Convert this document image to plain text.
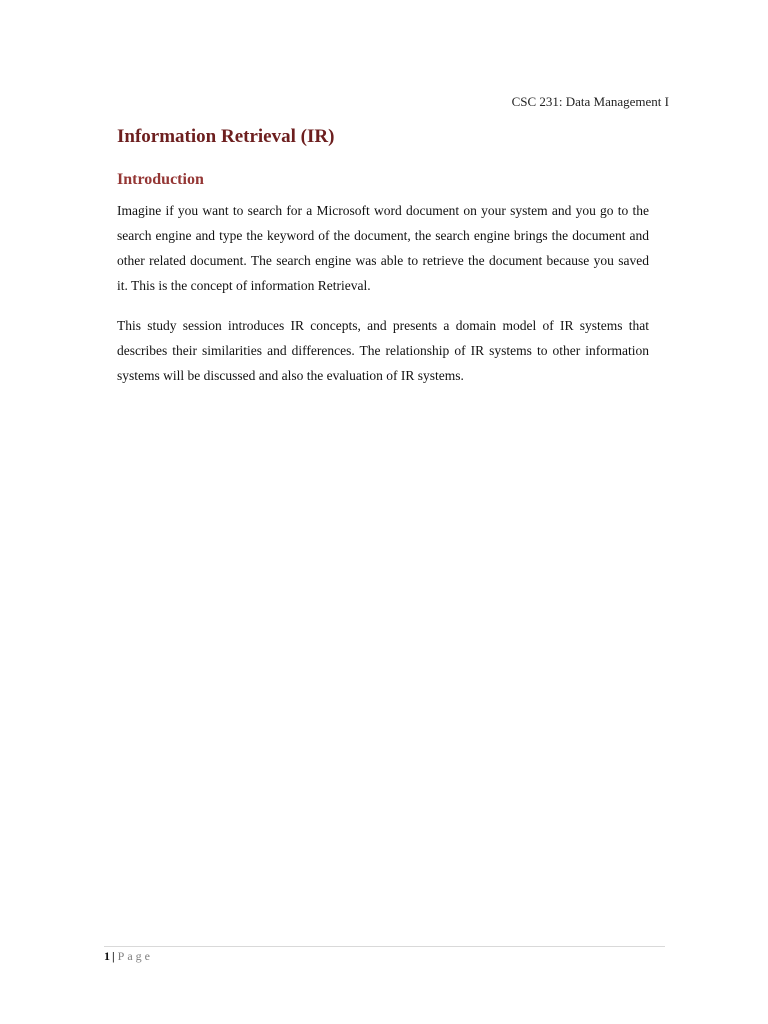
CSC 231: Data Management I
Information Retrieval (IR)
Introduction

Imagine if you want to search for a Microsoft word document on your system and you go to the search engine and type the keyword of the document, the search engine brings the document and other related document. The search engine was able to retrieve the document because you saved it. This is the concept of information Retrieval.

This study session introduces IR concepts, and presents a domain model of IR systems that describes their similarities and differences. The relationship of IR systems to other information systems will be discussed and also the evaluation of IR systems.

1 | Page
